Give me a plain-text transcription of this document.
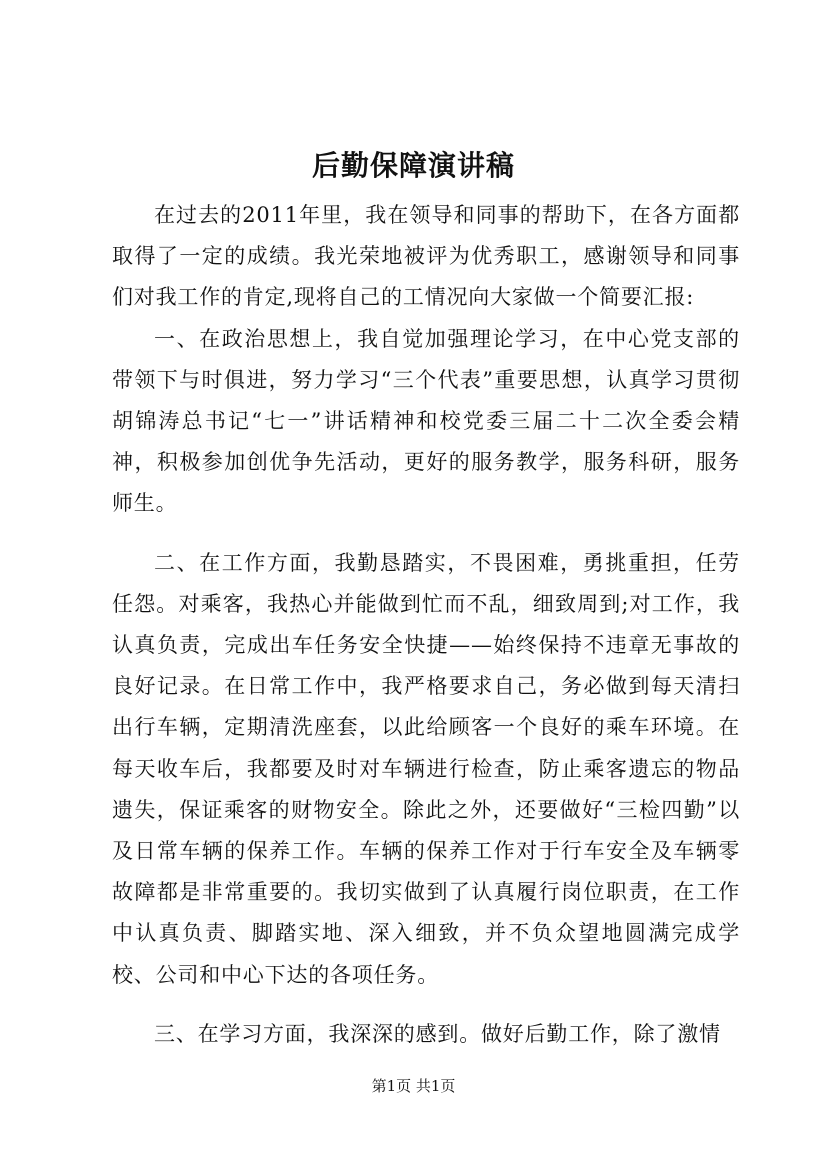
后勤保障演讲稿

在过去的2011年里，我在领导和同事的帮助下，在各方面都取得了一定的成绩。我光荣地被评为优秀职工，感谢领导和同事们对我工作的肯定,现将自己的工情况向大家做一个简要汇报:

一、在政治思想上，我自觉加强理论学习，在中心党支部的带领下与时俱进，努力学习“三个代表”重要思想，认真学习贯彻胡锦涛总书记“七一”讲话精神和校党委三届二十二次全委会精神，积极参加创优争先活动，更好的服务教学，服务科研，服务师生。

二、在工作方面，我勤恳踏实，不畏困难，勇挑重担，任劳任怨。对乘客，我热心并能做到忙而不乱，细致周到;对工作，我认真负责，完成出车任务安全快捷——始终保持不违章无事故的良好记录。在日常工作中，我严格要求自己，务必做到每天清扫出行车辆，定期清洗座套，以此给顾客一个良好的乘车环境。在每天收车后，我都要及时对车辆进行检查，防止乘客遗忘的物品遗失，保证乘客的财物安全。除此之外，还要做好“三检四勤”以及日常车辆的保养工作。车辆的保养工作对于行车安全及车辆零故障都是非常重要的。我切实做到了认真履行岗位职责，在工作中认真负责、脚踏实地、深入细致，并不负众望地圆满完成学校、公司和中心下达的各项任务。

三、在学习方面，我深深的感到。做好后勤工作，除了激情

第1页 共1页
